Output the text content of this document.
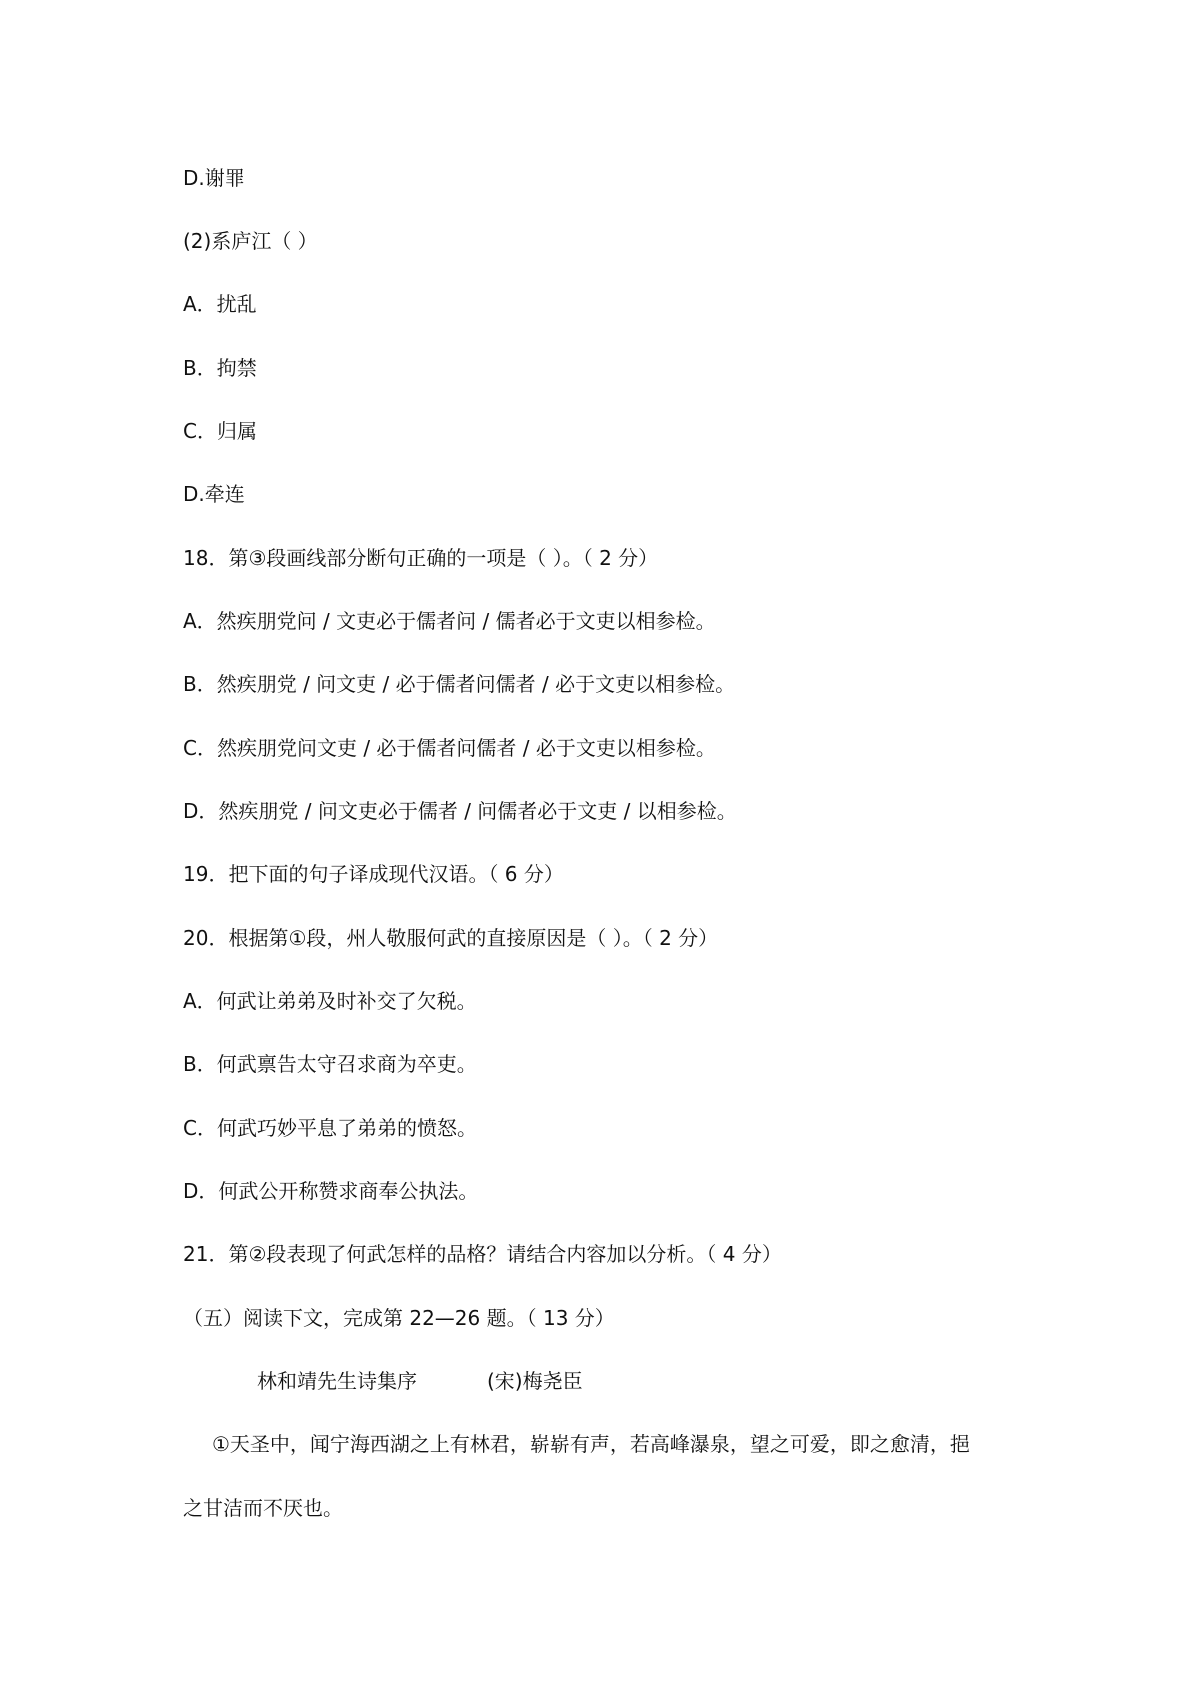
D.谢罪
(2)系庐江（ ）
A．扰乱
B．拘禁
C．归属
D.牵连
18．第③段画线部分断句正确的一项是（ ）。（ 2 分）
A．然疾朋党问 / 文吏必于儒者问 / 儒者必于文吏以相参检。
B．然疾朋党 / 问文吏 / 必于儒者问儒者 / 必于文吏以相参检。
C．然疾朋党问文吏 / 必于儒者问儒者 / 必于文吏以相参检。
D．然疾朋党 / 问文吏必于儒者 / 问儒者必于文吏 / 以相参检。
19．把下面的句子译成现代汉语。（ 6 分）
20．根据第①段，州人敬服何武的直接原因是（ ）。（ 2 分）
A．何武让弟弟及时补交了欠税。
B．何武禀告太守召求商为卒吏。
C．何武巧妙平息了弟弟的愤怒。
D．何武公开称赞求商奉公执法。
21．第②段表现了何武怎样的品格？请结合内容加以分析。（ 4 分）
（五）阅读下文，完成第 22—26 题。（ 13 分）
林和靖先生诗集序	(宋)梅尧臣
①天圣中，闻宁海西湖之上有林君，崭崭有声，若高峰瀑泉，望之可爱，即之愈清，挹
之甘洁而不厌也。
